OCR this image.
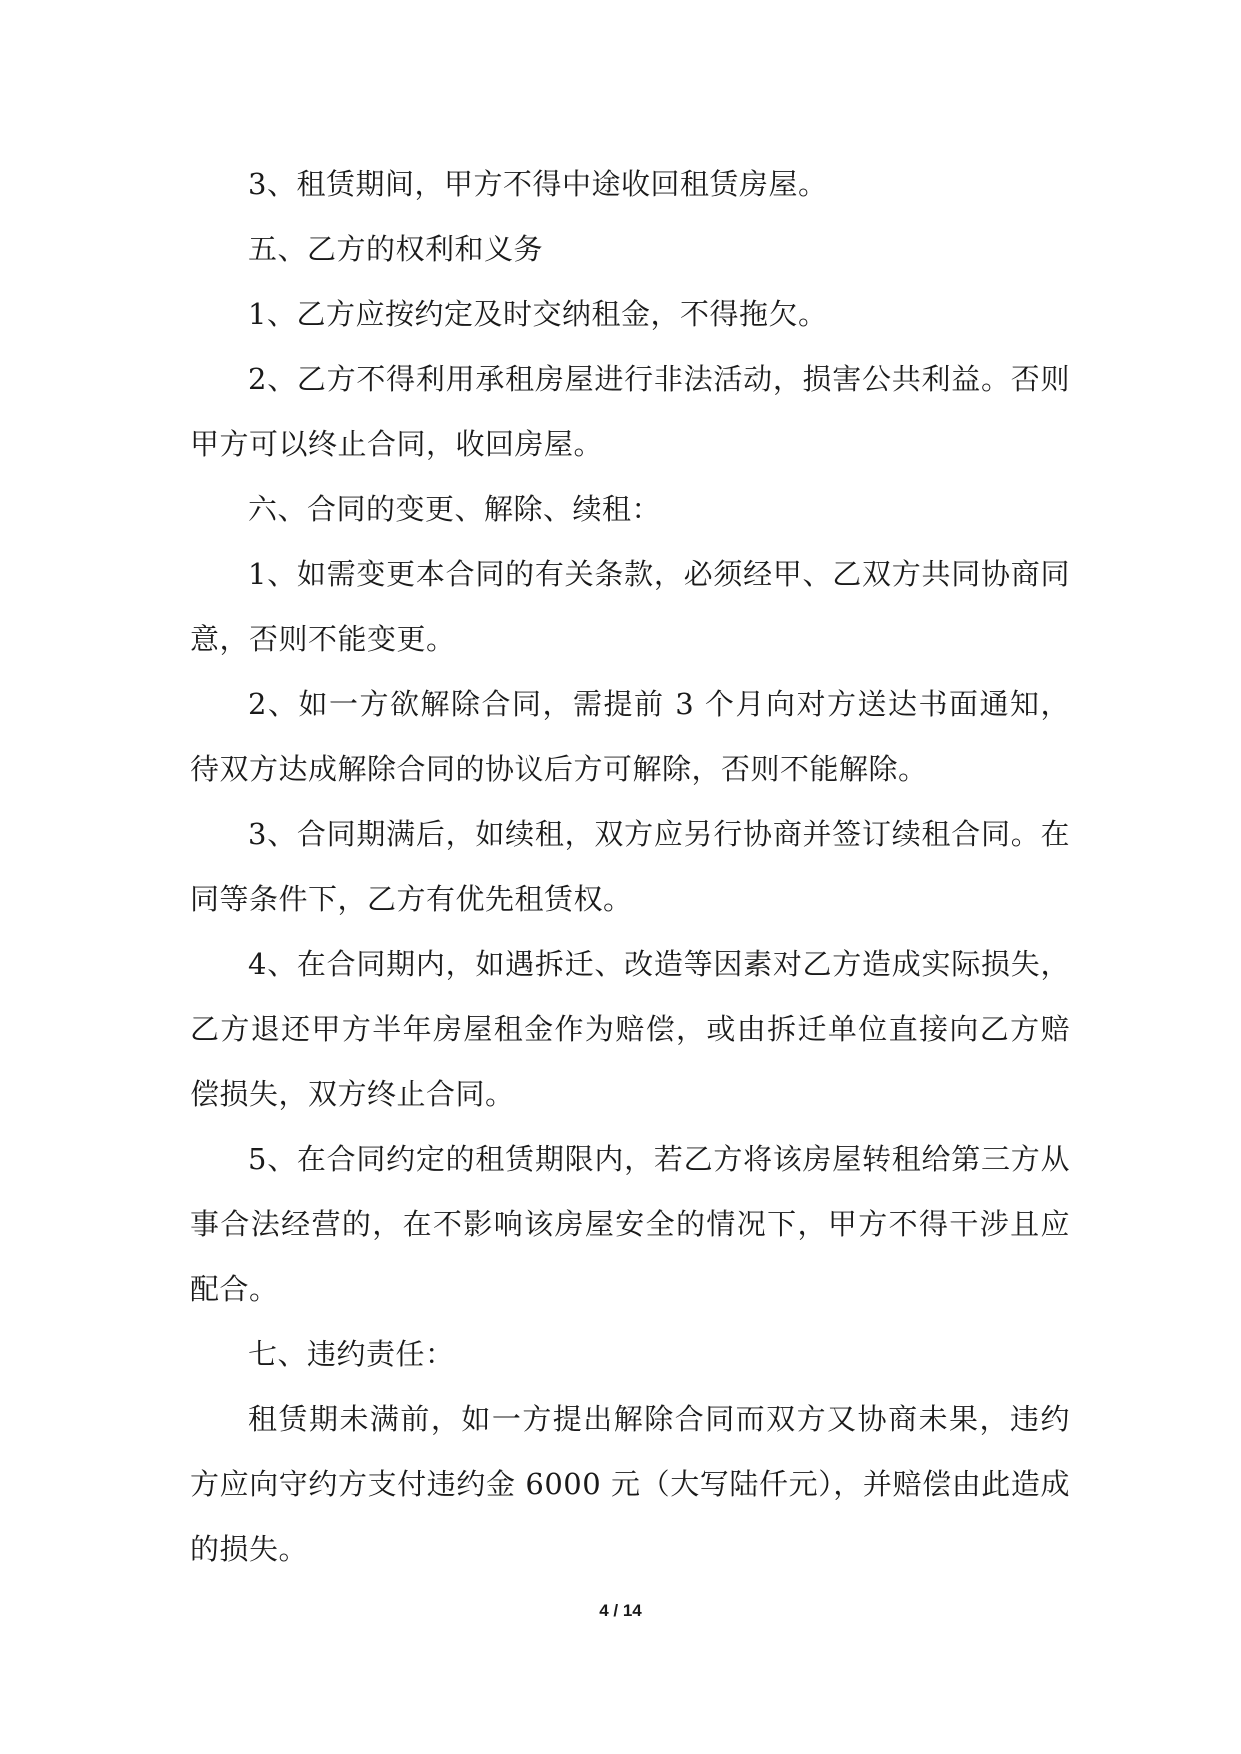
3、租赁期间，甲方不得中途收回租赁房屋。

五、乙方的权利和义务

1、乙方应按约定及时交纳租金，不得拖欠。

2、乙方不得利用承租房屋进行非法活动，损害公共利益。否则甲方可以终止合同，收回房屋。

六、合同的变更、解除、续租：

1、如需变更本合同的有关条款，必须经甲、乙双方共同协商同意，否则不能变更。

2、如一方欲解除合同，需提前 3 个月向对方送达书面通知，待双方达成解除合同的协议后方可解除，否则不能解除。

3、合同期满后，如续租，双方应另行协商并签订续租合同。在同等条件下，乙方有优先租赁权。

4、在合同期内，如遇拆迁、改造等因素对乙方造成实际损失，乙方退还甲方半年房屋租金作为赔偿，或由拆迁单位直接向乙方赔偿损失，双方终止合同。

5、在合同约定的租赁期限内，若乙方将该房屋转租给第三方从事合法经营的，在不影响该房屋安全的情况下，甲方不得干涉且应配合。

七、违约责任：

租赁期未满前，如一方提出解除合同而双方又协商未果，违约方应向守约方支付违约金 6000 元（大写陆仟元），并赔偿由此造成的损失。

4 / 14
